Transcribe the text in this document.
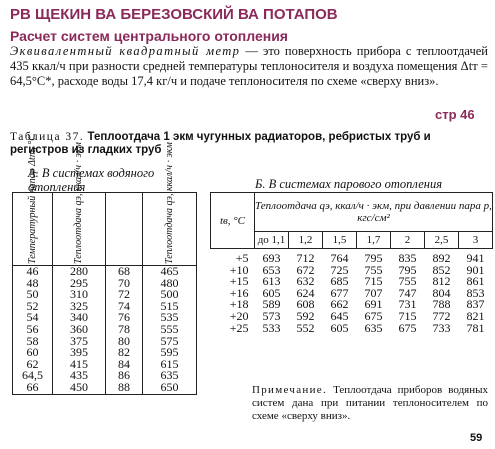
РВ ЩЕКИН ВА БЕРЕЗОВСКИЙ ВА ПОТАПОВ
Расчет систем центрального отопления
стр 46
Эквивалентный квадратный метр — это поверхность прибора с теплоотдачей 435 ккал/ч при разности средней температуры теплоносителя и воздуха помещения Δtт = 64,5°С*, расходе воды 17,4 кг/ч и подаче теплоносителя по схеме «сверху вниз».
Таблица 37. Теплоотдача 1 экм чугунных радиаторов, ребристых труб и регистров из гладких труб
А. В системах водяного отопления	Б. В системах парового отопления
Температурный напор Δtт, °С	Теплоотдача qэ, ккал/ч · экм		Теплоотдача qэ, ккал/ч · экм

46	280	68	465
48	295	70	480
50	310	72	500
52	325	74	515
54	340	76	535
56	360	78	555
58	375	80	575
60	395	82	595
62	415	84	615
64,5	435	86	635
66	450	88	650
tв, °С	Теплоотдача qэ, ккал/ч · экм, при давлении пара p, кгс/см²						
	до 1,1	1,2	1,5	1,7	2	2,5	3
+5	693	712	764	795	835	892	941
+10	653	672	725	755	795	852	901
+15	613	632	685	715	755	812	861
+16	605	624	677	707	747	804	853
+18	589	608	662	691	731	788	837
+20	573	592	645	675	715	772	821
+25	533	552	605	635	675	733	781
Примечание. Теплоотдача приборов водяных систем дана при питании теплоносителем по схеме «сверху вниз».
59
